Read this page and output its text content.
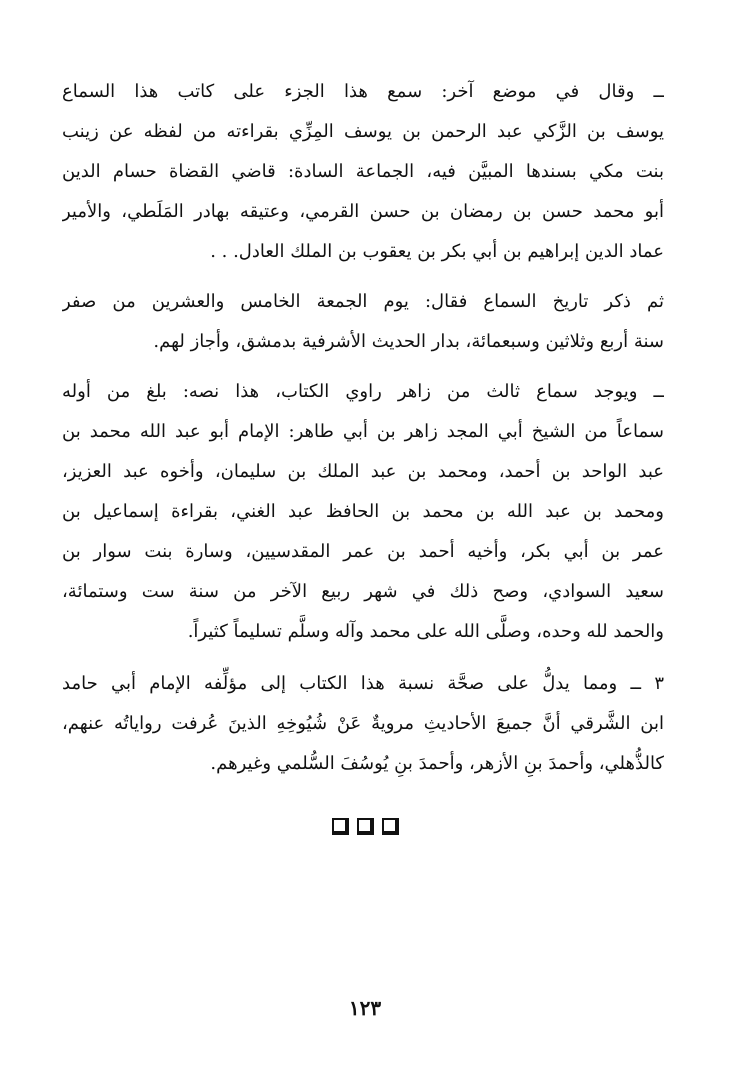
ــ وقال في موضع آخر: سمع هذا الجزء على كاتب هذا السماع
يوسف بن الزَّكي عبد الرحمن بن يوسف المِزِّي بقراءته من لفظه عن زينب
بنت مكي بسندها المبيَّن فيه، الجماعة السادة: قاضي القضاة حسام الدين
أبو محمد حسن بن رمضان بن حسن القرمي، وعتيقه بهادر المَلَطي، والأمير
عماد الدين إبراهيم بن أبي بكر بن يعقوب بن الملك العادل. . .
ثم ذكر تاريخ السماع فقال: يوم الجمعة الخامس والعشرين من صفر
سنة أربع وثلاثين وسبعمائة، بدار الحديث الأشرفية بدمشق، وأجاز لهم.
ــ ويوجد سماع ثالث من زاهر راوي الكتاب، هذا نصه: بلغ من أوله
سماعاً من الشيخ أبي المجد زاهر بن أبي طاهر: الإمام أبو عبد الله محمد بن
عبد الواحد بن أحمد، ومحمد بن عبد الملك بن سليمان، وأخوه عبد العزيز،
ومحمد بن عبد الله بن محمد بن الحافظ عبد الغني، بقراءة إسماعيل بن
عمر بن أبي بكر، وأخيه أحمد بن عمر المقدسيين، وسارة بنت سوار بن
سعيد السوادي، وصح ذلك في شهر ربيع الآخر من سنة ست وستمائة،
والحمد لله وحده، وصلَّى الله على محمد وآله وسلَّم تسليماً كثيراً.
٣ ــ ومما يدلُّ على صحَّة نسبة هذا الكتاب إلى مؤلِّفه الإمام أبي حامد
ابن الشَّرقي أنَّ جميعَ الأحاديثِ مرويةٌ عَنْ شُيُوخِهِ الذينَ عُرفت رواياتُه عنهم،
كالذُّهلي، وأحمدَ بنِ الأزهر، وأحمدَ بنِ يُوسُفَ السُّلمي وغيرهم.
١٢٣
